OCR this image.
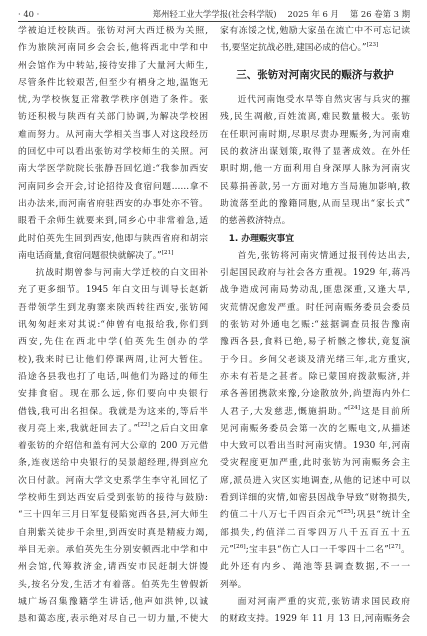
· 40 ·	郑州轻工业大学学报(社会科学版) 2025 年 6 月 第 26 卷第 3 期
学被迫迁校陕西。张钫对河大西迁极为关照,
作为旅陕河南同乡会会长,他将西北中学和中
州会馆作为中转站,接待安排了大量河大师生,
尽管条件比较艰苦,但至少有栖身之地,温饱无
忧,为学校恢复正常教学秩序创造了条件。张
钫还积极与陕西有关部门协调,为解决学校困
难而努力。从河南大学相关当事人对这段经历
的回忆中可以看出张钫对学校师生的关照。河
南大学医学院院长张静吾回忆道:“我参加西安
河南同乡会开会,讨论招待及食宿问题……拿不
出办法来,而河南省府驻西安的办事处亦不管。
眼看千余师生就要来到,同乡心中非常着急,适
此时伯英先生回到西安,他即与陕西省府和胡宗
南电话商量,食宿问题很快就解决了。”[21]
抗战时期曾参与河南大学迁校的白文田补
充了更多细节。1945 年白文田与训导长赵新
吾带领学生到龙驹寨来陕西转往西安,张钫闻
讯匆匆赶来对其说:“伸曾有电报给我,你们到
西安,先住在西北中学(伯英先生创办的学
校),我来时已让他们停课两周,让河大暂住。
沿途各县我也打了电话,叫他们为路过的师生
安排食宿。现在那么远,你们要向中央银行
借钱,我可出名担保。我就是为这来的,等后半
夜月亮上来,我就赶回去了。”[22]之后白文田拿
着张钫的介绍信和盖有河大公章的 200 万元借
条,连夜送给中央银行的吴景超经理,得到应允
次日付款。河南大学文史系学生李守礼回忆了
学校师生到达西安后受到张钫的接待与鼓励:
“三十四年三月日军复侵陷宛西各县,河大师生
自荆紫关徒步千余里,到西安时真是精疲力竭,
举目无亲。承伯英先生分别安顿西北中学和中
州会馆,代筹救济金,请西安市民赶制大饼馒
头,按名分发,生活才有着落。伯英先生曾假新
城广场召集豫籍学生讲话,他声如洪钟,以诚
恳和蔼态度,表示绝对尽自己一切力量,不使大
家有冻馁之忧,勉励大家虽在流亡中不可忘记读
书,要坚定抗战必胜,建国必成的信心。”[23]
三、张钫对河南灾民的赈济与救护
近代河南饱受水旱等自然灾害与兵灾的摧
残,民生凋敝,百姓流离,难民数量极大。张钫
在任职河南时期,尽职尽责办理赈务,为河南难
民的救济出谋划策,取得了显著成效。在外任
职时期,他一方面利用自身深厚人脉为河南灾
民募捐善款,另一方面对地方当局施加影响,救
助流落至此的豫籍同胞,从而呈现出“家长式”
的慈善救济特点。
1. 办理赈灾事宜
首先,张钫将河南灾情通过报刊传达出去,
引起国民政府与社会各方重视。1929 年,蒋冯
战争造成河南局势动乱,匪患深重,又逢大旱,
灾荒情况愈发严重。时任河南赈务委员会委员
的张钫对外通电乞赈:“兹据调查员报告豫南
豫西各县,食料已绝,易子析骸之惨状,竟复演
于今日。乡间父老谈及清光绪三年,北方重灾,
亦未有若是之甚者。除已蒙国府拨款赈济,并
承各善团携款来豫,分途散放外,尚望海内外仁
人君子,大发慈悲,慨施捐助。”[24]这是目前所
见河南赈务委员会第一次的乞赈电文,从描述
中大致可以看出当时河南灾情。1930 年,河南
受灾程度更加严重,此时张钫为河南赈务会主
席,派员进入灾区实地调查,从他的记述中可以
看到详细的灾情,如密县因战争导致“财物损失,
约值二十八万七千四百余元”[25];巩县“统计全
部损失,约值洋二百零四万八千五百五十五
元”[26];宝丰县“伤亡人口一千零四十二名”[27]。
此外还有内乡、渑池等县调查数据,不一一
列举。
面对河南严重的灾荒,张钫请求国民政府
的财政支持。1929 年 11 月 13 日,河南赈务会
